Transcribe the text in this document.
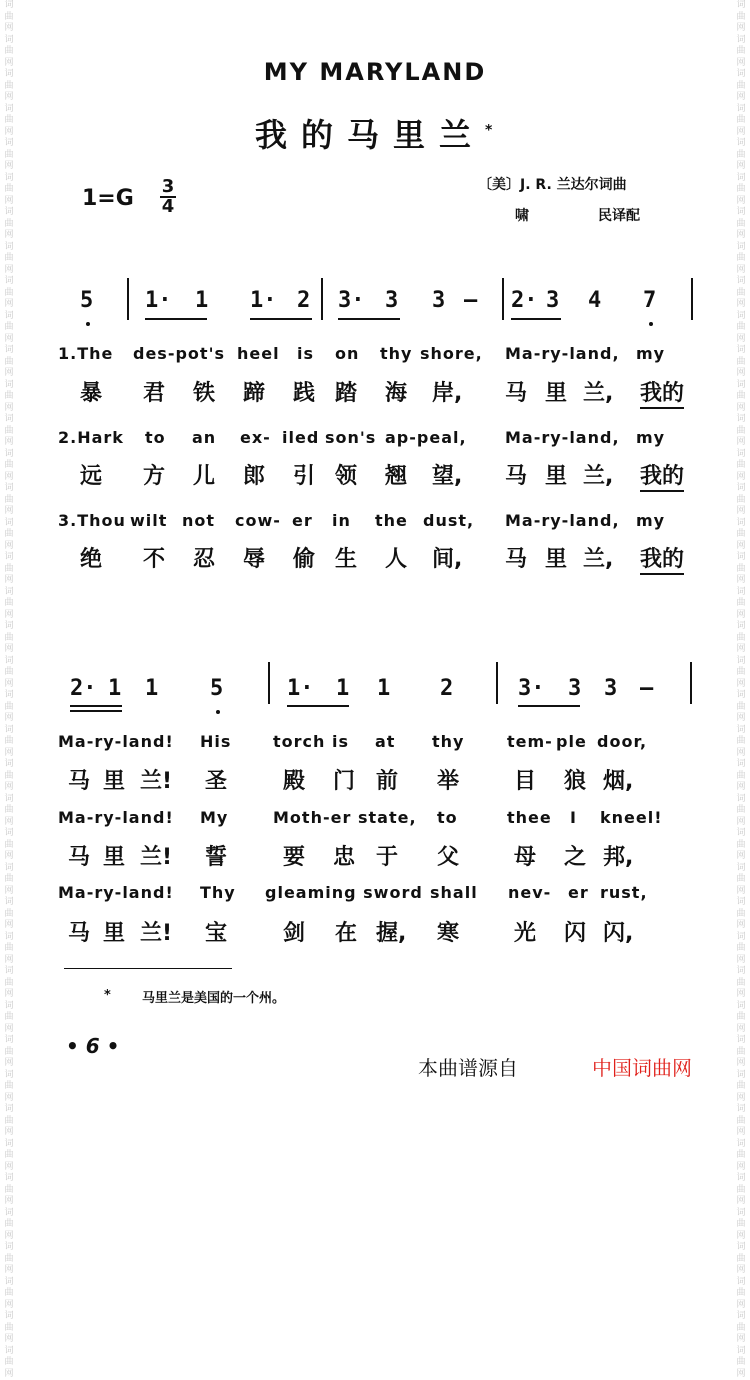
词曲网词曲网词曲网词曲网词曲网词曲网词曲网词曲网词曲网词曲网词曲网词曲网词曲网词曲网词曲网词曲网词曲网词曲网词曲网词曲网词曲网词曲网词曲网词曲网词曲网词曲网词曲网词曲网词曲网词曲网词曲网词曲网词曲网词曲网词曲网词曲网词曲网词曲网词曲网词曲网
词曲网词曲网词曲网词曲网词曲网词曲网词曲网词曲网词曲网词曲网词曲网词曲网词曲网词曲网词曲网词曲网词曲网词曲网词曲网词曲网词曲网词曲网词曲网词曲网词曲网词曲网词曲网词曲网词曲网词曲网词曲网词曲网词曲网词曲网词曲网词曲网词曲网词曲网词曲网词曲网
MY MARYLAND
我的马里兰*
1=G 3
4
〔美〕J. R. 兰达尔词曲
啸	民译配
5 1· 1 1· 2 3· 3 3 – 2· 3 4 7
1.The des-pot's heel is on thy shore, Ma-ry-land, my
暴 君 铁 蹄 践 踏 海 岸, 马 里 兰, 我的
2.Hark to an ex- iled son's ap-peal, Ma-ry-land, my
远 方 儿 郎 引 领 翘 望, 马 里 兰, 我的
3.Thou wilt not cow- er in the dust, Ma-ry-land, my
绝 不 忍 辱 偷 生 人 间, 马 里 兰, 我的
2· 1 1 5	1· 1 1 2	3· 3 3 –
Ma-ry-land! His	torch is at thy	tem- ple door,
马 里 兰! 圣	殿 门 前 举 目 狼 烟,
Ma-ry-land! My	Moth-er state, to	thee I kneel!
马 里 兰! 誓	要 忠 于 父 母 之 邦,
Ma-ry-land! Thy gleaming sword shall nev- er rust,
马 里 兰! 宝	剑 在 握, 寒 光 闪 闪,
* 马里兰是美国的一个州。
• 6 •
本曲谱源自	中国词曲网
